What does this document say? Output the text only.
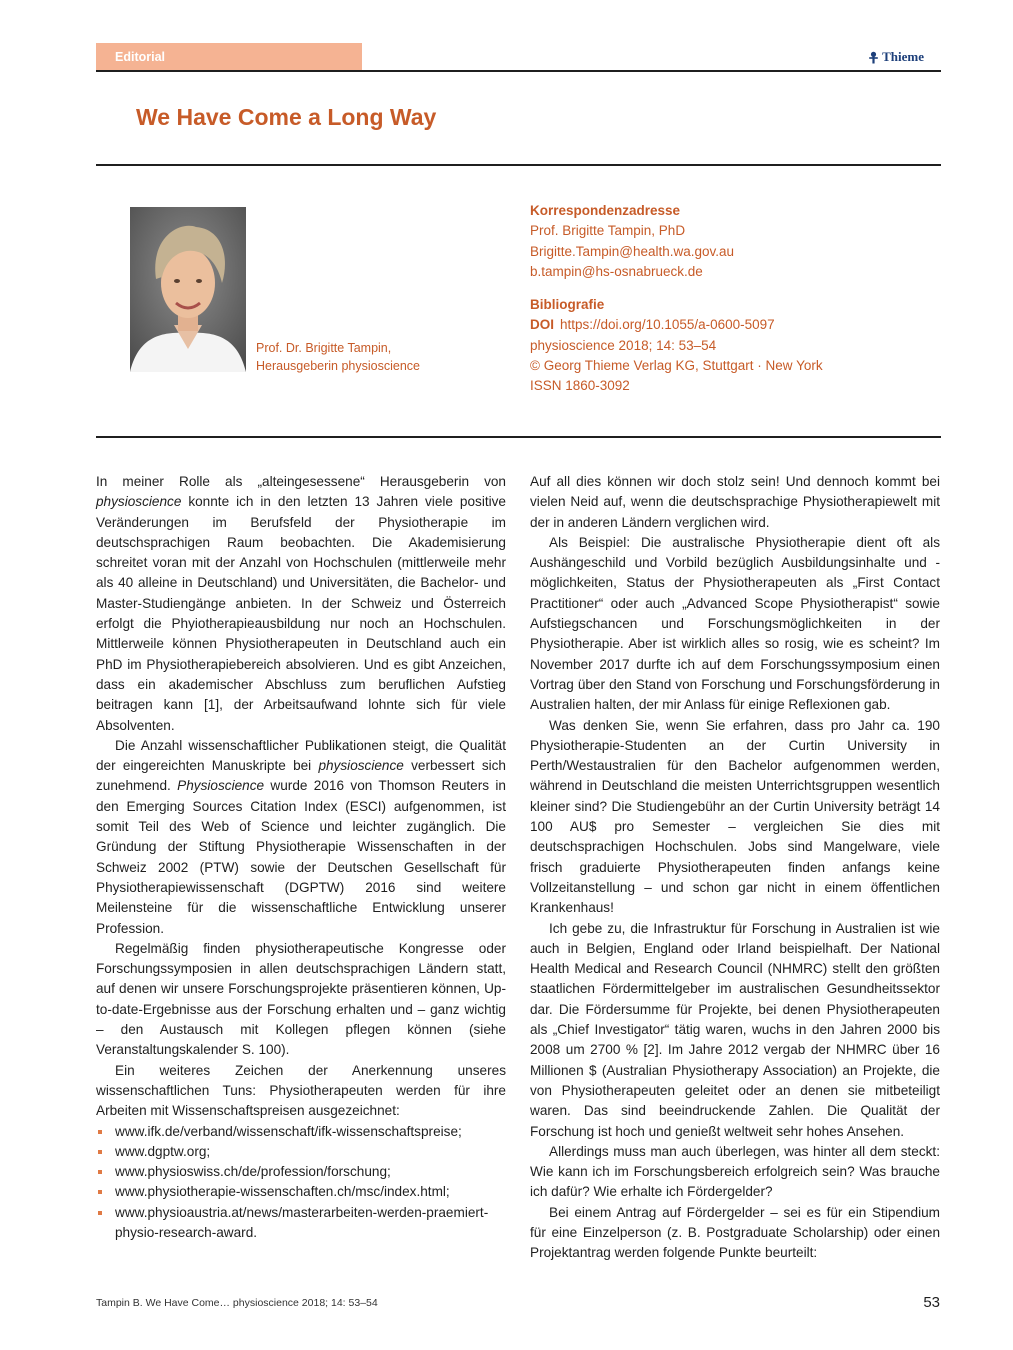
Editorial	Thieme
We Have Come a Long Way
Prof. Dr. Brigitte Tampin,
Herausgeberin physioscience
Korrespondenzadresse
Prof. Brigitte Tampin, PhD
Brigitte.Tampin@health.wa.gov.au
b.tampin@hs-osnabrueck.de
Bibliografie
DOI https://doi.org/10.1055/a-0600-5097
physioscience 2018; 14: 53–54
© Georg Thieme Verlag KG, Stuttgart · New York
ISSN 1860-3092

In meiner Rolle als „alteingesessene“ Herausgeberin von physioscience konnte ich in den letzten 13 Jahren viele positive Veränderungen im Berufsfeld der Physiotherapie im deutschsprachigen Raum beobachten. Die Akademisierung schreitet voran mit der Anzahl von Hochschulen (mittlerweile mehr als 40 alleine in Deutschland) und Universitäten, die Bachelor- und Master-Studiengänge anbieten. In der Schweiz und Österreich erfolgt die Phyiotherapieausbildung nur noch an Hochschulen. Mittlerweile können Physiotherapeuten in Deutschland auch ein PhD im Physiotherapiebereich absolvieren. Und es gibt Anzeichen, dass ein akademischer Abschluss zum beruflichen Aufstieg beitragen kann [1], der Arbeitsaufwand lohnte sich für viele Absolventen.

Die Anzahl wissenschaftlicher Publikationen steigt, die Qualität der eingereichten Manuskripte bei physioscience verbessert sich zunehmend. Physioscience wurde 2016 von Thomson Reuters in den Emerging Sources Citation Index (ESCI) aufgenommen, ist somit Teil des Web of Science und leichter zugänglich. Die Gründung der Stiftung Physiotherapie Wissenschaften in der Schweiz 2002 (PTW) sowie der Deutschen Gesellschaft für Physiotherapiewissenschaft (DGPTW) 2016 sind weitere Meilensteine für die wissenschaftliche Entwicklung unserer Profession.

Regelmäßig finden physiotherapeutische Kongresse oder Forschungssymposien in allen deutschsprachigen Ländern statt, auf denen wir unsere Forschungsprojekte präsentieren können, Up-to-date-Ergebnisse aus der Forschung erhalten und – ganz wichtig – den Austausch mit Kollegen pflegen können (siehe Veranstaltungskalender S. 100).

Ein weiteres Zeichen der Anerkennung unseres wissenschaftlichen Tuns: Physiotherapeuten werden für ihre Arbeiten mit Wissenschaftspreisen ausgezeichnet:

www.ifk.de/verband/wissenschaft/ifk-wissenschaftspreise;
www.dgptw.org;
www.physioswiss.ch/de/profession/forschung;
www.physiotherapie-wissenschaften.ch/msc/index.html;
www.physioaustria.at/news/masterarbeiten-werden-praemiert-physio-research-award.

Auf all dies können wir doch stolz sein! Und dennoch kommt bei vielen Neid auf, wenn die deutschsprachige Physiotherapiewelt mit der in anderen Ländern verglichen wird.

Als Beispiel: Die australische Physiotherapie dient oft als Aushängeschild und Vorbild bezüglich Ausbildungsinhalte und -möglichkeiten, Status der Physiotherapeuten als „First Contact Practitioner“ oder auch „Advanced Scope Physiotherapist“ sowie Aufstiegschancen und Forschungsmöglichkeiten in der Physiotherapie. Aber ist wirklich alles so rosig, wie es scheint? Im November 2017 durfte ich auf dem Forschungssymposium einen Vortrag über den Stand von Forschung und Forschungsförderung in Australien halten, der mir Anlass für einige Reflexionen gab.

Was denken Sie, wenn Sie erfahren, dass pro Jahr ca. 190 Physiotherapie-Studenten an der Curtin University in Perth/Westaustralien für den Bachelor aufgenommen werden, während in Deutschland die meisten Unterrichtsgruppen wesentlich kleiner sind? Die Studiengebühr an der Curtin University beträgt 14 100 AU$ pro Semester – vergleichen Sie dies mit deutschsprachigen Hochschulen. Jobs sind Mangelware, viele frisch graduierte Physiotherapeuten finden anfangs keine Vollzeitanstellung – und schon gar nicht in einem öffentlichen Krankenhaus!

Ich gebe zu, die Infrastruktur für Forschung in Australien ist wie auch in Belgien, England oder Irland beispielhaft. Der National Health Medical and Research Council (NHMRC) stellt den größten staatlichen Fördermittelgeber im australischen Gesundheitssektor dar. Die Fördersumme für Projekte, bei denen Physiotherapeuten als „Chief Investigator“ tätig waren, wuchs in den Jahren 2000 bis 2008 um 2700 % [2]. Im Jahre 2012 vergab der NHMRC über 16 Millionen $ (Australian Physiotherapy Association) an Projekte, die von Physiotherapeuten geleitet oder an denen sie mitbeteiligt waren. Das sind beeindruckende Zahlen. Die Qualität der Forschung ist hoch und genießt weltweit sehr hohes Ansehen.

Allerdings muss man auch überlegen, was hinter all dem steckt: Wie kann ich im Forschungsbereich erfolgreich sein? Was brauche ich dafür? Wie erhalte ich Fördergelder?

Bei einem Antrag auf Fördergelder – sei es für ein Stipendium für eine Einzelperson (z. B. Postgraduate Scholarship) oder einen Projektantrag werden folgende Punkte beurteilt:

Tampin B. We Have Come… physioscience 2018; 14: 53–54	53
